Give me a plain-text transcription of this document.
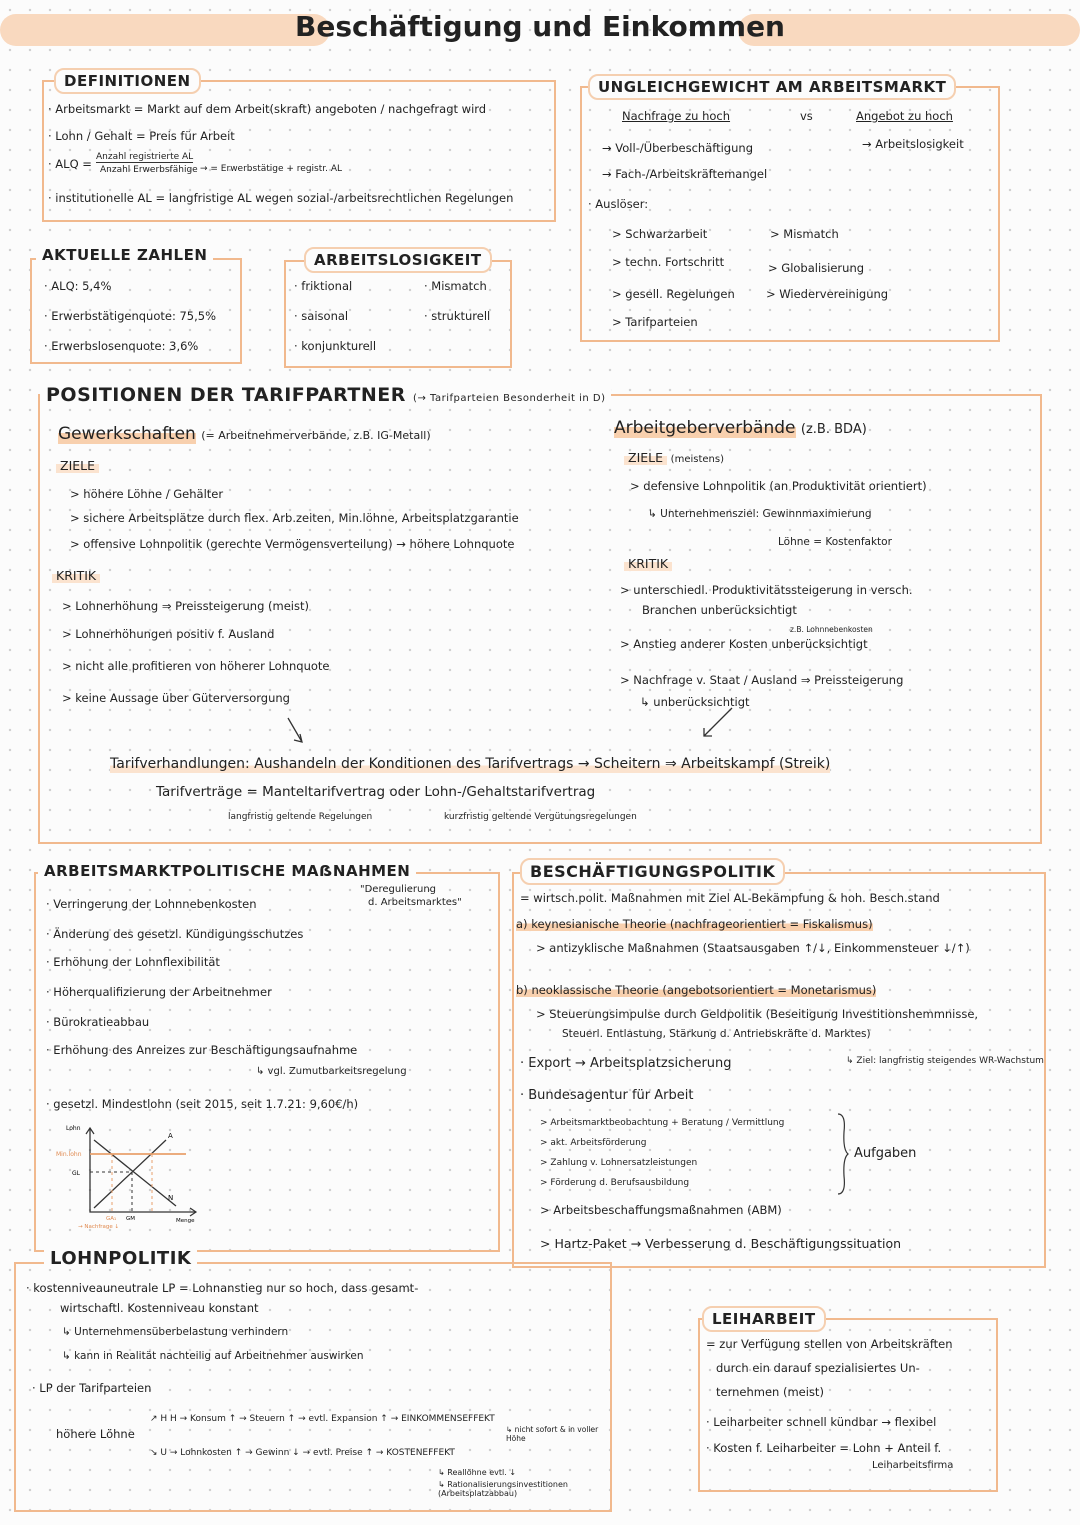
Beschäftigung und Einkommen
DEFINITIONEN
· Arbeitsmarkt = Markt auf dem Arbeit(skraft) angeboten / nachgefragt wird
· Lohn / Gehalt = Preis für Arbeit
· ALQ = Anzahl registrierte AL
Anzahl Erwerbsfähige → = Erwerbstätige + registr. AL
· institutionelle AL = langfristige AL wegen sozial-/arbeitsrechtlichen Regelungen
UNGLEICHGEWICHT AM ARBEITSMARKT
Nachfrage zu hoch	vs	Angebot zu hoch
→ Arbeitslosigkeit
→ Voll-/Überbeschäftigung
→ Fach-/Arbeitskräftemangel
· Auslöser:
> Schwarzarbeit
> techn. Fortschritt
> gesell. Regelungen
> Tarifparteien
> Mismatch
> Globalisierung
> Wiedervereinigung
AKTUELLE ZAHLEN
· ALQ: 5,4%
· Erwerbstätigenquote: 75,5%
· Erwerbslosenquote: 3,6%
ARBEITSLOSIGKEIT
· friktional
· saisonal
· konjunkturell
· Mismatch
· strukturell
POSITIONEN DER TARIFPARTNER (→ Tarifparteien Besonderheit in D)
Gewerkschaften (= Arbeitnehmerverbände, z.B. IG-Metall)
ZIELE
> höhere Löhne / Gehälter
> sichere Arbeitsplätze durch flex. Arb.zeiten, Min.löhne, Arbeitsplatzgarantie
> offensive Lohnpolitik (gerechte Vermögensverteilung) → höhere Lohnquote
KRITIK
> Lohnerhöhung ⇒ Preissteigerung (meist)
> Lohnerhöhungen positiv f. Ausland
> nicht alle profitieren von höherer Lohnquote
> keine Aussage über Güterversorgung
Arbeitgeberverbände (z.B. BDA)
ZIELE (meistens)
> defensive Lohnpolitik (an Produktivität orientiert)
↳ Unternehmensziel: Gewinnmaximierung
Löhne = Kostenfaktor
KRITIK
> unterschiedl. Produktivitätssteigerung in versch.
Branchen unberücksichtigt
z.B. Lohnnebenkosten
> Anstieg anderer Kosten unberücksichtigt
> Nachfrage v. Staat / Ausland ⇒ Preissteigerung
↳ unberücksichtigt
Tarifverhandlungen: Aushandeln der Konditionen des Tarifvertrags → Scheitern ⇒ Arbeitskampf (Streik)
Tarifverträge = Manteltarifvertrag oder Lohn-/Gehaltstarifvertrag
langfristig geltende Regelungen	kurzfristig geltende Vergütungsregelungen
ARBEITSMARKTPOLITISCHE MAẞNAHMEN
"Deregulierung
d. Arbeitsmarktes"
· Verringerung der Lohnnebenkosten
· Änderung des gesetzl. Kündigungsschutzes
· Erhöhung der Lohnflexibilität
· Höherqualifizierung der Arbeitnehmer
· Bürokratieabbau
· Erhöhung des Anreizes zur Beschäftigungsaufnahme
↳ vgl. Zumutbarkeitsregelung
· gesetzl. Mindestlohn (seit 2015, seit 1.7.21: 9,60€/h)
Lohn
Min.lohn
GL
A
N
Menge
GA₁ GM
→ Nachfrage ↓
BESCHÄFTIGUNGSPOLITIK
= wirtsch.polit. Maßnahmen mit Ziel AL-Bekämpfung & hoh. Besch.stand
a) keynesianische Theorie (nachfrageorientiert = Fiskalismus)
> antizyklische Maßnahmen (Staatsausgaben ↑/↓, Einkommensteuer ↓/↑)
b) neoklassische Theorie (angebotsorientiert = Monetarismus)
> Steuerungsimpulse durch Geldpolitik (Beseitigung Investitionshemmnisse,
Steuerl. Entlastung, Stärkung d. Antriebskräfte d. Marktes)
↳ Ziel: langfristig steigendes WR-Wachstum
· Export → Arbeitsplatzsicherung
· Bundesagentur für Arbeit
> Arbeitsmarktbeobachtung + Beratung / Vermittlung
> akt. Arbeitsförderung
> Zahlung v. Lohnersatzleistungen
> Förderung d. Berufsausbildung
Aufgaben
> Arbeitsbeschaffungsmaßnahmen (ABM)
> Hartz-Paket → Verbesserung d. Beschäftigungssituation
LOHNPOLITIK
· kostenniveauneutrale LP = Lohnanstieg nur so hoch, dass gesamt-
wirtschaftl. Kostenniveau konstant
↳ Unternehmensüberbelastung verhindern
↳ kann in Realität nachteilig auf Arbeitnehmer auswirken
· LP der Tarifparteien
höhere Löhne
↗ H H → Konsum ↑ → Steuern ↑ → evtl. Expansion ↑ → EINKOMMENSEFFEKT
↳ nicht sofort & in voller Höhe
↘ U → Lohnkosten ↑ → Gewinn ↓ → evtl. Preise ↑ → KOSTENEFFEKT
↳ Reallöhne evtl. ↓
↳ Rationalisierungsinvestitionen (Arbeitsplatzabbau)
LEIHARBEIT
= zur Verfügung stellen von Arbeitskräften
durch ein darauf spezialisiertes Un-
ternehmen (meist)
· Leiharbeiter schnell kündbar → flexibel
· Kosten f. Leiharbeiter = Lohn + Anteil f.
Leiharbeitsfirma
